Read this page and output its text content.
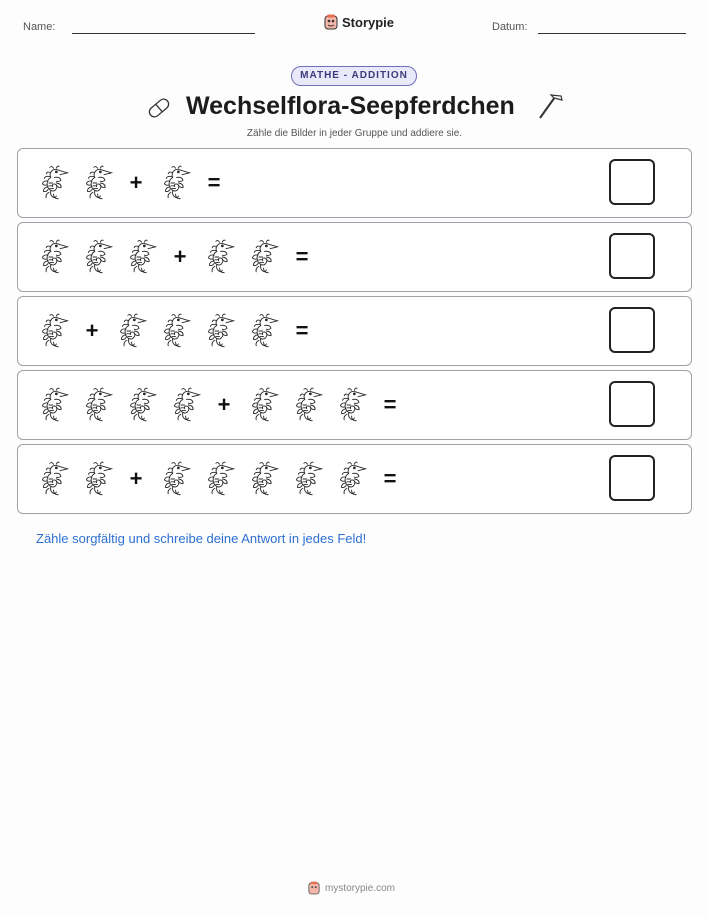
Name:	Storypie	Datum:
MATHE - ADDITION
Wechselflora-Seepferdchen
Zähle die Bilder in jeder Gruppe und addiere sie.
+	=
+	=
+	=
+	=
+	=
Zähle sorgfältig und schreibe deine Antwort in jedes Feld!
mystorypie.com
